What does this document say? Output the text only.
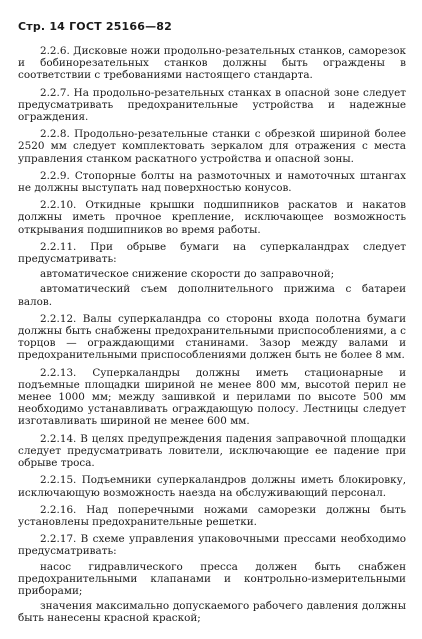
Стр. 14 ГОСТ 25166—82

2.2.6. Дисковые ножи продольно-резательных станков, саморезок и бобинорезательных станков должны быть ограждены в соответствии с требованиями настоящего стандарта.

2.2.7. На продольно-резательных станках в опасной зоне следует предусматривать предохранительные устройства и надежные ограждения.

2.2.8. Продольно-резательные станки с обрезкой шириной более 2520 мм следует комплектовать зеркалом для отражения с места управления станком раскатного устройства и опасной зоны.

2.2.9. Стопорные болты на размоточных и намоточных штангах не должны выступать над поверхностью конусов.

2.2.10. Откидные крышки подшипников раскатов и накатов должны иметь прочное крепление, исключающее возможность открывания подшипников во время работы.

2.2.11. При обрыве бумаги на суперкаландрах следует предусматривать:

автоматическое снижение скорости до заправочной;

автоматический съем дополнительного прижима с батареи валов.

2.2.12. Валы суперкаландра со стороны входа полотна бумаги должны быть снабжены предохранительными приспособлениями, а с торцов — ограждающими станинами. Зазор между валами и предохранительными приспособлениями должен быть не более 8 мм.

2.2.13. Суперкаландры должны иметь стационарные и подъемные площадки шириной не менее 800 мм, высотой перил не менее 1000 мм; между зашивкой и перилами по высоте 500 мм необходимо устанавливать ограждающую полосу. Лестницы следует изготавливать шириной не менее 600 мм.

2.2.14. В целях предупреждения падения заправочной площадки следует предусматривать ловители, исключающие ее падение при обрыве троса.

2.2.15. Подъемники суперкаландров должны иметь блокировку, исключающую возможность наезда на обслуживающий персонал.

2.2.16. Над поперечными ножами саморезки должны быть установлены предохранительные решетки.

2.2.17. В схеме управления упаковочными прессами необходимо предусматривать:

насос гидравлического пресса должен быть снабжен предохранительными клапанами и контрольно-измерительными приборами;

значения максимально допускаемого рабочего давления должны быть нанесены красной краской;
